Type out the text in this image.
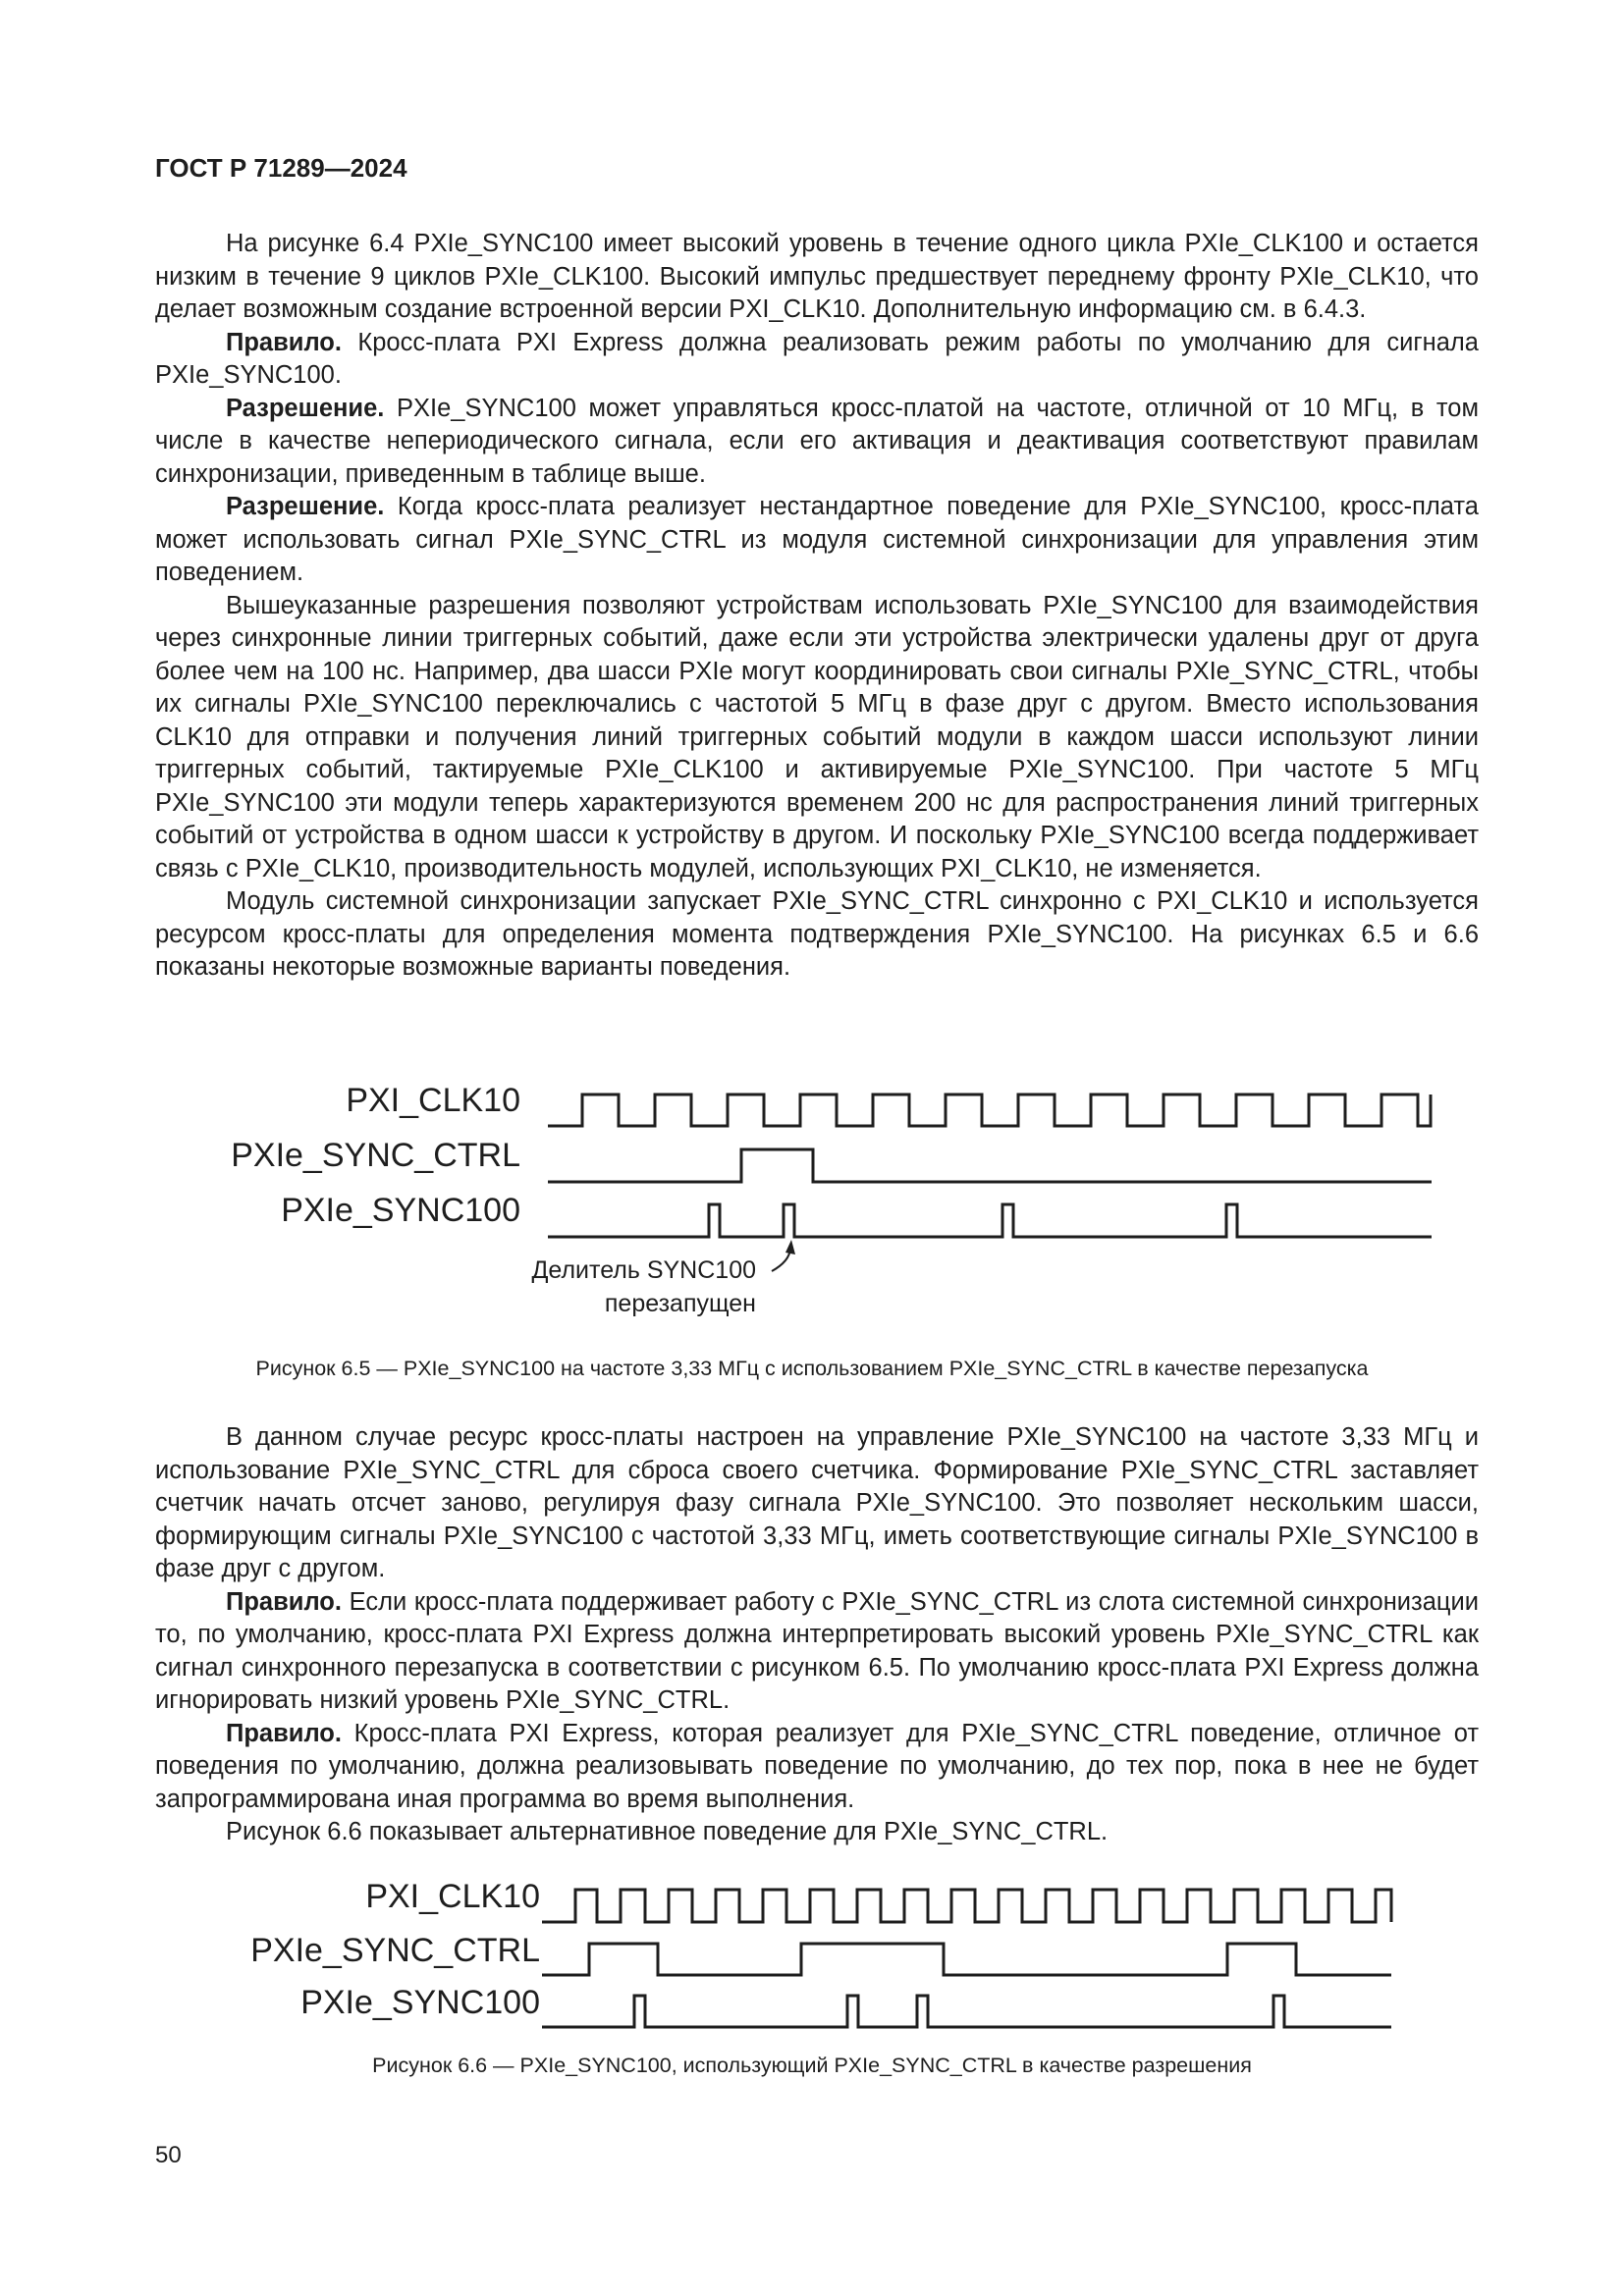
ГОСТ Р 71289—2024

На рисунке 6.4 PXIe_SYNC100 имеет высокий уровень в течение одного цикла PXIe_CLK100 и остается низким в течение 9 циклов PXIe_CLK100. Высокий импульс предшествует переднему фронту PXIe_CLK10, что делает возможным создание встроенной версии PXI_CLK10. Дополнительную информацию см. в 6.4.3.

Правило. Кросс-плата PXI Express должна реализовать режим работы по умолчанию для сигнала PXIe_SYNC100.

Разрешение. PXIe_SYNC100 может управляться кросс-платой на частоте, отличной от 10 МГц, в том числе в качестве непериодического сигнала, если его активация и деактивация соответствуют правилам синхронизации, приведенным в таблице выше.

Разрешение. Когда кросс-плата реализует нестандартное поведение для PXIe_SYNC100, кросс-плата может использовать сигнал PXIe_SYNC_CTRL из модуля системной синхронизации для управления этим поведением.

Вышеуказанные разрешения позволяют устройствам использовать PXIe_SYNC100 для взаимодействия через синхронные линии триггерных событий, даже если эти устройства электрически удалены друг от друга более чем на 100 нс. Например, два шасси PXIe могут координировать свои сигналы PXIe_SYNC_CTRL, чтобы их сигналы PXIe_SYNC100 переключались с частотой 5 МГц в фазе друг с другом. Вместо использования CLK10 для отправки и получения линий триггерных событий модули в каждом шасси используют линии триггерных событий, тактируемые PXIe_CLK100 и активируемые PXIe_SYNC100. При частоте 5 МГц PXIe_SYNC100 эти модули теперь характеризуются временем 200 нс для распространения линий триггерных событий от устройства в одном шасси к устройству в другом. И поскольку PXIe_SYNC100 всегда поддерживает связь с PXIe_CLK10, производительность модулей, использующих PXI_CLK10, не изменяется.

Модуль системной синхронизации запускает PXIe_SYNC_CTRL синхронно с PXI_CLK10 и используется ресурсом кросс-платы для определения момента подтверждения PXIe_SYNC100. На рисунках 6.5 и 6.6 показаны некоторые возможные варианты поведения.

PXI_CLK10
PXIe_SYNC_CTRL
PXIe_SYNC100
Делитель SYNC100
перезапущен

Рисунок 6.5 — PXIe_SYNC100 на частоте 3,33 МГц с использованием PXIe_SYNC_CTRL в качестве перезапуска

В данном случае ресурс кросс-платы настроен на управление PXIe_SYNC100 на частоте 3,33 МГц и использование PXIe_SYNC_CTRL для сброса своего счетчика. Формирование PXIe_SYNC_CTRL заставляет счетчик начать отсчет заново, регулируя фазу сигнала PXIe_SYNC100. Это позволяет нескольким шасси, формирующим сигналы PXIe_SYNC100 с частотой 3,33 МГц, иметь соответствующие сигналы PXIe_SYNC100 в фазе друг с другом.

Правило. Если кросс-плата поддерживает работу с PXIe_SYNC_CTRL из слота системной синхронизации то, по умолчанию, кросс-плата PXI Express должна интерпретировать высокий уровень PXIe_SYNC_CTRL как сигнал синхронного перезапуска в соответствии с рисунком 6.5. По умолчанию кросс-плата PXI Express должна игнорировать низкий уровень PXIe_SYNC_CTRL.

Правило. Кросс-плата PXI Express, которая реализует для PXIe_SYNC_CTRL поведение, отличное от поведения по умолчанию, должна реализовывать поведение по умолчанию, до тех пор, пока в нее не будет запрограммирована иная программа во время выполнения.

Рисунок 6.6 показывает альтернативное поведение для PXIe_SYNC_CTRL.

PXI_CLK10
PXIe_SYNC_CTRL
PXIe_SYNC100

Рисунок 6.6 — PXIe_SYNC100, использующий PXIe_SYNC_CTRL в качестве разрешения

50
